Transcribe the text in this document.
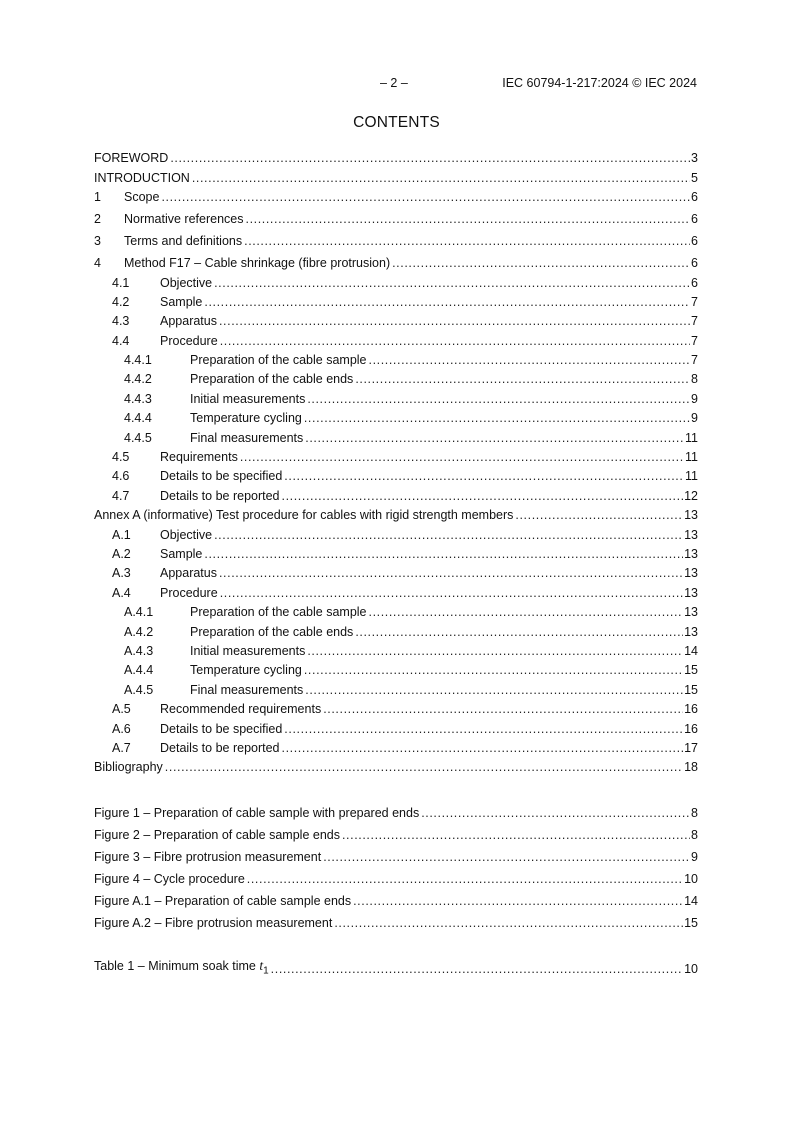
– 2 –	IEC 60794-1-217:2024 © IEC 2024
CONTENTS
FOREWORD .....	3
INTRODUCTION .....	5
1	Scope .....	6
2	Normative references .....	6
3	Terms and definitions .....	6
4	Method F17 – Cable shrinkage (fibre protrusion) .....	6
4.1	Objective .....	6
4.2	Sample .....	7
4.3	Apparatus .....	7
4.4	Procedure .....	7
4.4.1	Preparation of the cable sample .....	7
4.4.2	Preparation of the cable ends .....	8
4.4.3	Initial measurements .....	9
4.4.4	Temperature cycling .....	9
4.4.5	Final measurements .....	11
4.5	Requirements .....	11
4.6	Details to be specified .....	11
4.7	Details to be reported .....	12
Annex A (informative) Test procedure for cables with rigid strength members .....	13
A.1	Objective .....	13
A.2	Sample .....	13
A.3	Apparatus .....	13
A.4	Procedure .....	13
A.4.1	Preparation of the cable sample .....	13
A.4.2	Preparation of the cable ends .....	13
A.4.3	Initial measurements .....	14
A.4.4	Temperature cycling .....	15
A.4.5	Final measurements .....	15
A.5	Recommended requirements .....	16
A.6	Details to be specified .....	16
A.7	Details to be reported .....	17
Bibliography .....	18
Figure 1 – Preparation of cable sample with prepared ends .....	8
Figure 2 – Preparation of cable sample ends .....	8
Figure 3 – Fibre protrusion measurement .....	9
Figure 4 – Cycle procedure .....	10
Figure A.1 – Preparation of cable sample ends .....	14
Figure A.2 – Fibre protrusion measurement .....	15
Table 1 – Minimum soak time $t_1$ .....	10
